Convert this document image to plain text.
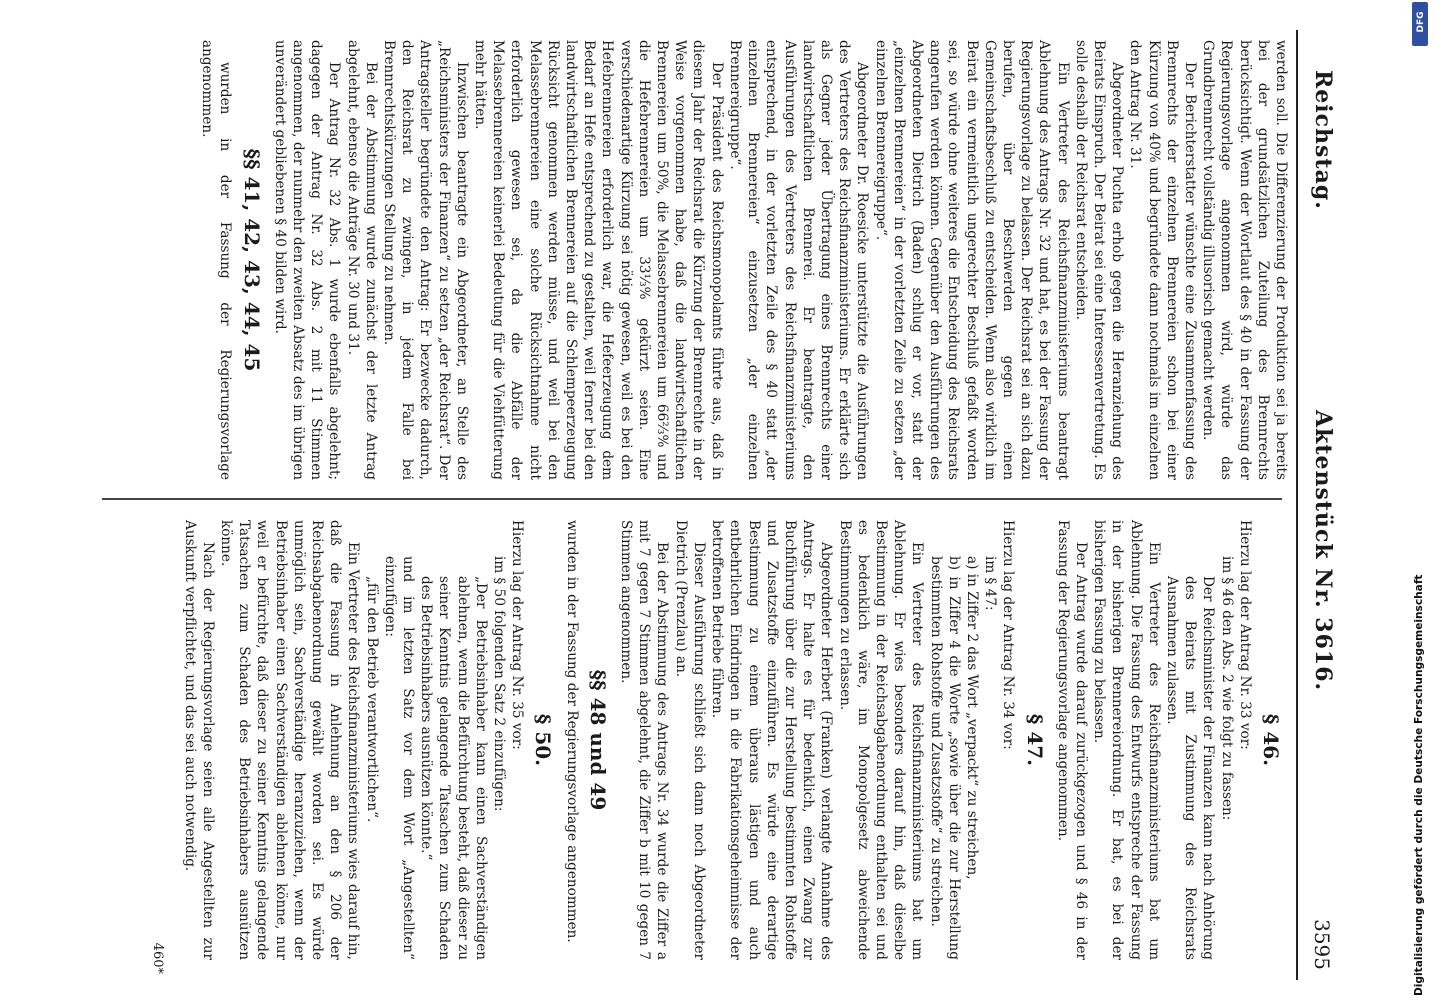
Reichstag.
Aktenstück Nr. 3616.
3595

werden soll. Die Differenzierung der Produktion sei ja bereits bei der grundsätzlichen Zuteilung des Brennrechts berücksichtigt. Wenn der Wortlaut des § 40 in der Fassung der Regierungsvorlage angenommen wird, würde das Grundbrennrecht vollständig illusorisch gemacht werden.

Der Berichterstatter wünschte eine Zusammenfassung des Brennrechts der einzelnen Brennereien schon bei einer Kürzung von 40% und begründete dann nochmals im einzelnen den Antrag Nr. 31.

Abgeordneter Puchta erhob gegen die Heranziehung des Beirats Einspruch. Der Beirat sei eine Interessenvertretung. Es solle deshalb der Reichsrat entscheiden.

Ein Vertreter des Reichsfinanzministeriums beantragt Ablehnung des Antrags Nr. 32 und hat, es bei der Fassung der Regierungsvorlage zu belassen. Der Reichsrat sei an sich dazu berufen, über Beschwerden gegen einen Gemeinschaftsbeschluß zu entscheiden. Wenn also wirklich im Beirat ein vermeintlich ungerechter Beschluß gefaßt worden sei, so würde ohne weiteres die Entscheidung des Reichsrats angerufen werden können. Gegenüber den Ausführungen des Abgeordneten Dietrich (Baden) schlug er vor, statt der „einzelnen Brennereien“ in der vorletzten Zeile zu setzen „der einzelnen Brennereigruppe“.

Abgeordneter Dr. Roesicke unterstützte die Ausführungen des Vertreters des Reichsfinanzministeriums. Er erklärte sich als Gegner jeder Übertragung eines Brennrechts einer landwirtschaftlichen Brennerei. Er beantragte, den Ausführungen des Vertreters des Reichsfinanzministeriums entsprechend, in der vorletzten Zeile des § 40 statt „der einzelnen Brennereien“ einzusetzen „der einzelnen Brennereigruppe“.

Der Präsident des Reichsmonopolamts führte aus, daß in diesem Jahr der Reichsrat die Kürzung der Brennrechte in der Weise vorgenommen habe, daß die landwirtschaftlichen Brennereien um 50%, die Melassebrennereien um 66⅔% und die Hefebrennereien um 33⅓% gekürzt seien. Eine verschiedenartige Kürzung sei nötig gewesen, weil es bei den Hefebrennereien erforderlich war, die Hefeerzeugung dem Bedarf an Hefe entsprechend zu gestalten, weil ferner bei den landwirtschaftlichen Brennereien auf die Schlempeerzeugung Rücksicht genommen werden müsse, und weil bei den Melassebrennereien eine solche Rücksichtnahme nicht erforderlich gewesen sei, da die Abfälle der Melassebrennereien keinerlei Bedeutung für die Viehfütterung mehr hätten.

Inzwischen beantragte ein Abgeordneter, an Stelle des „Reichsministers der Finanzen“ zu setzen „der Reichsrat“. Der Antragsteller begründete den Antrag: Er bezwecke dadurch, den Reichsrat zu zwingen, in jedem Falle bei Brennrechtskürzungen Stellung zu nehmen.

Bei der Abstimmung wurde zunächst der letzte Antrag abgelehnt, ebenso die Anträge Nr. 30 und 31.

Der Antrag Nr. 32 Abs. 1 wurde ebenfalls abgelehnt; dagegen der Antrag Nr. 32 Abs. 2 mit 11 Stimmen angenommen, der nunmehr den zweiten Absatz des im übrigen unverändert gebliebenen § 40 bilden wird.

§§ 41, 42, 43, 44, 45

wurden in der Fassung der Regierungsvorlage angenommen.

§ 46.

Hierzu lag der Antrag Nr. 33 vor:

im § 46 den Abs. 2 wie folgt zu fassen:

Der Reichsminister der Finanzen kann nach Anhörung des Beirats mit Zustimmung des Reichsrats Ausnahmen zulassen.

Ein Vertreter des Reichsfinanzministeriums bat um Ablehnung. Die Fassung des Entwurfs entspreche der Fassung in der bisherigen Brennereiordnung. Er bat, es bei der bisherigen Fassung zu belassen.

Der Antrag wurde darauf zurückgezogen und § 46 in der Fassung der Regierungsvorlage angenommen.

§ 47.

Hierzu lag der Antrag Nr. 34 vor:

im § 47:

a) in Ziffer 2 das Wort „verpackt“ zu streichen,

b) in Ziffer 4 die Worte „sowie über die zur Herstellung bestimmten Rohstoffe und Zusatzstoffe“ zu streichen.

Ein Vertreter des Reichsfinanzministeriums bat um Ablehnung. Er wies besonders darauf hin, daß dieselbe Bestimmung in der Reichsabgabenordnung enthalten sei und es bedenklich wäre, im Monopolgesetz abweichende Bestimmungen zu erlassen.

Abgeordneter Herbert (Franken) verlangte Annahme des Antrags. Er halte es für bedenklich, einen Zwang zur Buchführung über die zur Herstellung bestimmten Rohstoffe und Zusatzstoffe einzuführen. Es würde eine derartige Bestimmung zu einem überaus lästigen und auch entbehrlichen Eindringen in die Fabrikationsgeheimnisse der betroffenen Betriebe führen.

Dieser Ausführung schließt sich dann noch Abgeordneter Dietrich (Prenzlau) an.

Bei der Abstimmung des Antrags Nr. 34 wurde die Ziffer a mit 7 gegen 7 Stimmen abgelehnt, die Ziffer b mit 10 gegen 7 Stimmen angenommen.

§§ 48 und 49

wurden in der Fassung der Regierungsvorlage angenommen.

§ 50.

Hierzu lag der Antrag Nr. 35 vor:

im § 50 folgenden Satz 2 einzufügen:

„Der Betriebsinhaber kann einen Sachverständigen ablehnen, wenn die Befürchtung besteht, daß dieser zu seiner Kenntnis gelangende Tatsachen zum Schaden des Betriebsinhabers ausnützen könnte.“

und im letzten Satz vor dem Wort „Angestellten“ einzufügen:

„für den Betrieb verantwortlichen“.

Ein Vertreter des Reichsfinanzministeriums wies darauf hin, daß die Fassung in Anlehnung an den § 206 der Reichsabgabenordnung gewählt worden sei. Es würde unmöglich sein, Sachverständige heranzuziehen, wenn der Betriebsinhaber einen Sachverständigen ablehnen könne, nur weil er befürchte, daß dieser zu seiner Kenntnis gelangende Tatsachen zum Schaden des Betriebsinhabers ausnützen könne.

Nach der Regierungsvorlage seien alle Angestellten zur Auskunft verpflichtet, und das sei auch notwendig.

460*
DFG
Digitalisierung gefördert durch die Deutsche Forschungsgemeinschaft
